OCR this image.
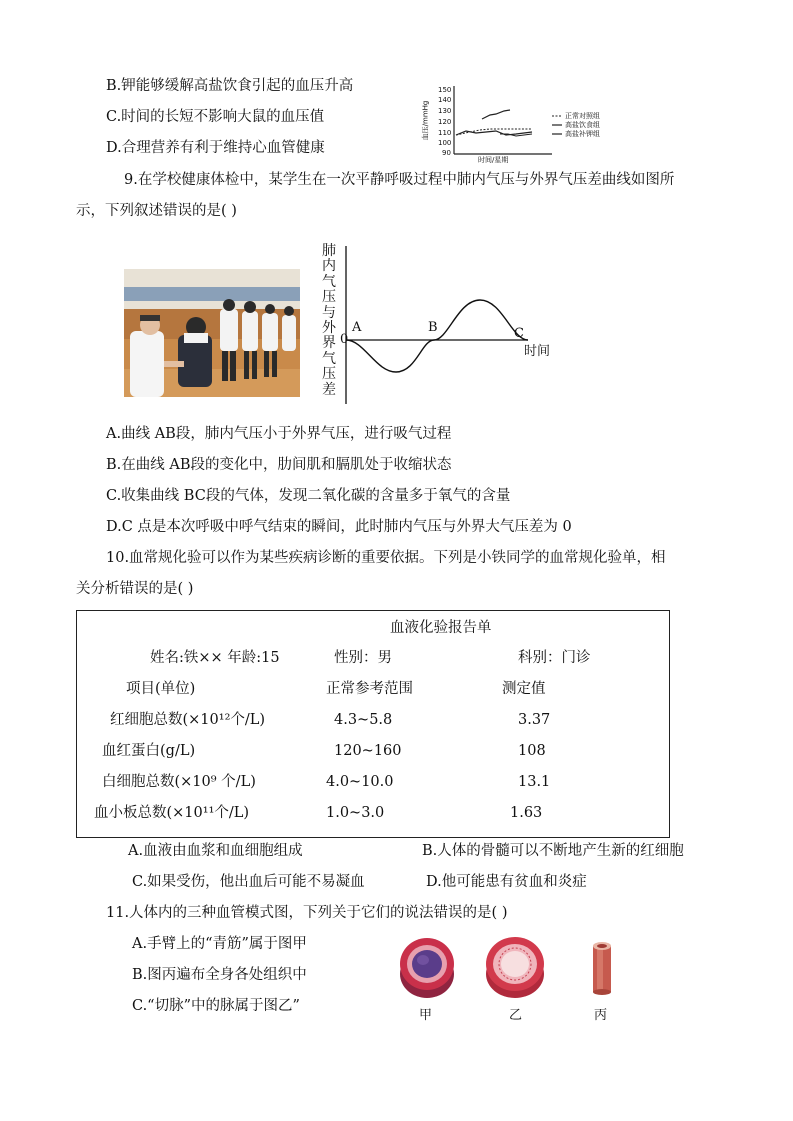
B.钾能够缓解高盐饮食引起的血压升高
C.时间的长短不影响大鼠的血压值
D.合理营养有利于维持心血管健康
150
140
130
120
110
100
90
血压/mmHg
时间/星期
正常对照组
高盐饮食组
高盐补钾组
9.在学校健康体检中，某学生在一次平静呼吸过程中肺内气压与外界气压差曲线如图所
示，下列叙述错误的是( )
肺
内
气
压
与
外
界
气
压
差
0
A	B	C
时间
A.曲线 AB段，肺内气压小于外界气压，进行吸气过程
B.在曲线 AB段的变化中，肋间肌和膈肌处于收缩状态
C.收集曲线 BC段的气体，发现二氧化碳的含量多于氧气的含量
D.C 点是本次呼吸中呼气结束的瞬间，此时肺内气压与外界大气压差为 0
10.血常规化验可以作为某些疾病诊断的重要依据。下列是小铁同学的血常规化验单，相
关分析错误的是( )
血液化验报告单
姓名:铁×× 年龄:15	性别：男	科别：门诊
项目(单位)	正常参考范围	测定值
红细胞总数(×10¹²个/L)	4.3~5.8	3.37
血红蛋白(g/L)	120~160	108
白细胞总数(×10⁹ 个/L)	4.0~10.0	13.1
血小板总数(×10¹¹个/L)	1.0~3.0	1.63
A.血液由血浆和血细胞组成	B.人体的骨髓可以不断地产生新的红细胞
C.如果受伤，他出血后可能不易凝血	D.他可能患有贫血和炎症
11.人体内的三种血管模式图，下列关于它们的说法错误的是( )
A.手臂上的“青筋”属于图甲
B.图丙遍布全身各处组织中
C.“切脉”中的脉属于图乙”
甲	乙	丙
